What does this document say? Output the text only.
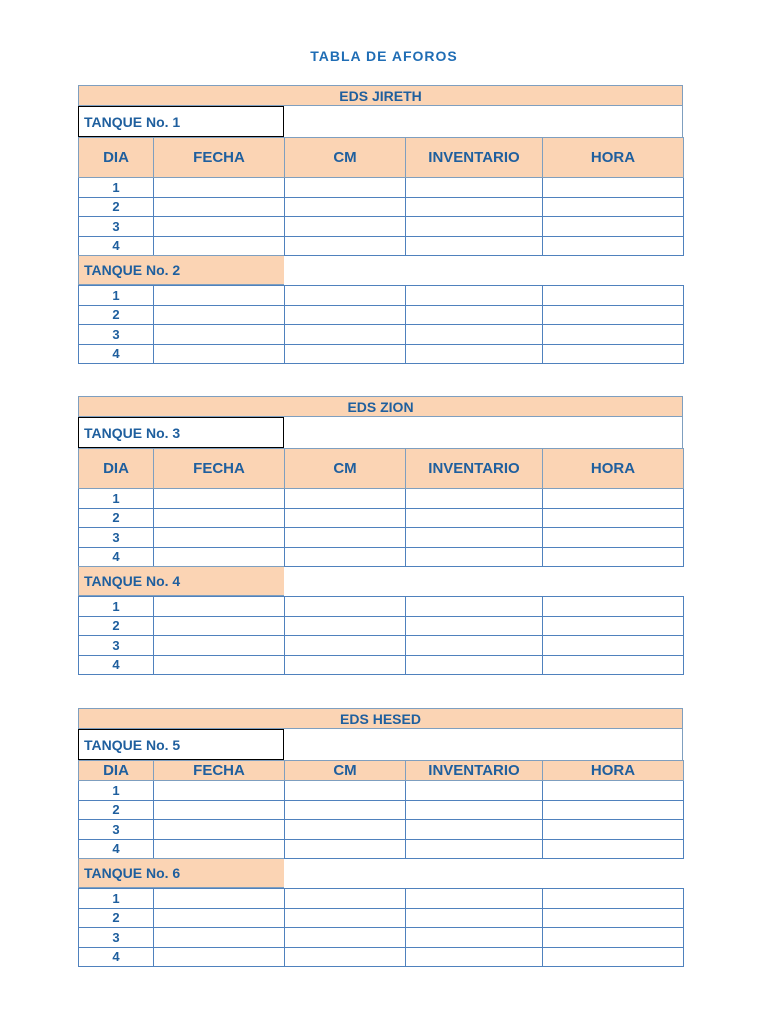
TABLA DE AFOROS
EDS JIRETH
TANQUE No. 1
DIA	FECHA	CM	INVENTARIO	HORA
1				
2				
3				
4				
TANQUE No. 2
1				
2				
3				
4				
EDS ZION
TANQUE No. 3
DIA	FECHA	CM	INVENTARIO	HORA
1				
2				
3				
4				
TANQUE No. 4
1				
2				
3				
4				
EDS HESED
TANQUE No. 5
DIA	FECHA	CM	INVENTARIO	HORA
1				
2				
3				
4				
TANQUE No. 6
1				
2				
3				
4				
